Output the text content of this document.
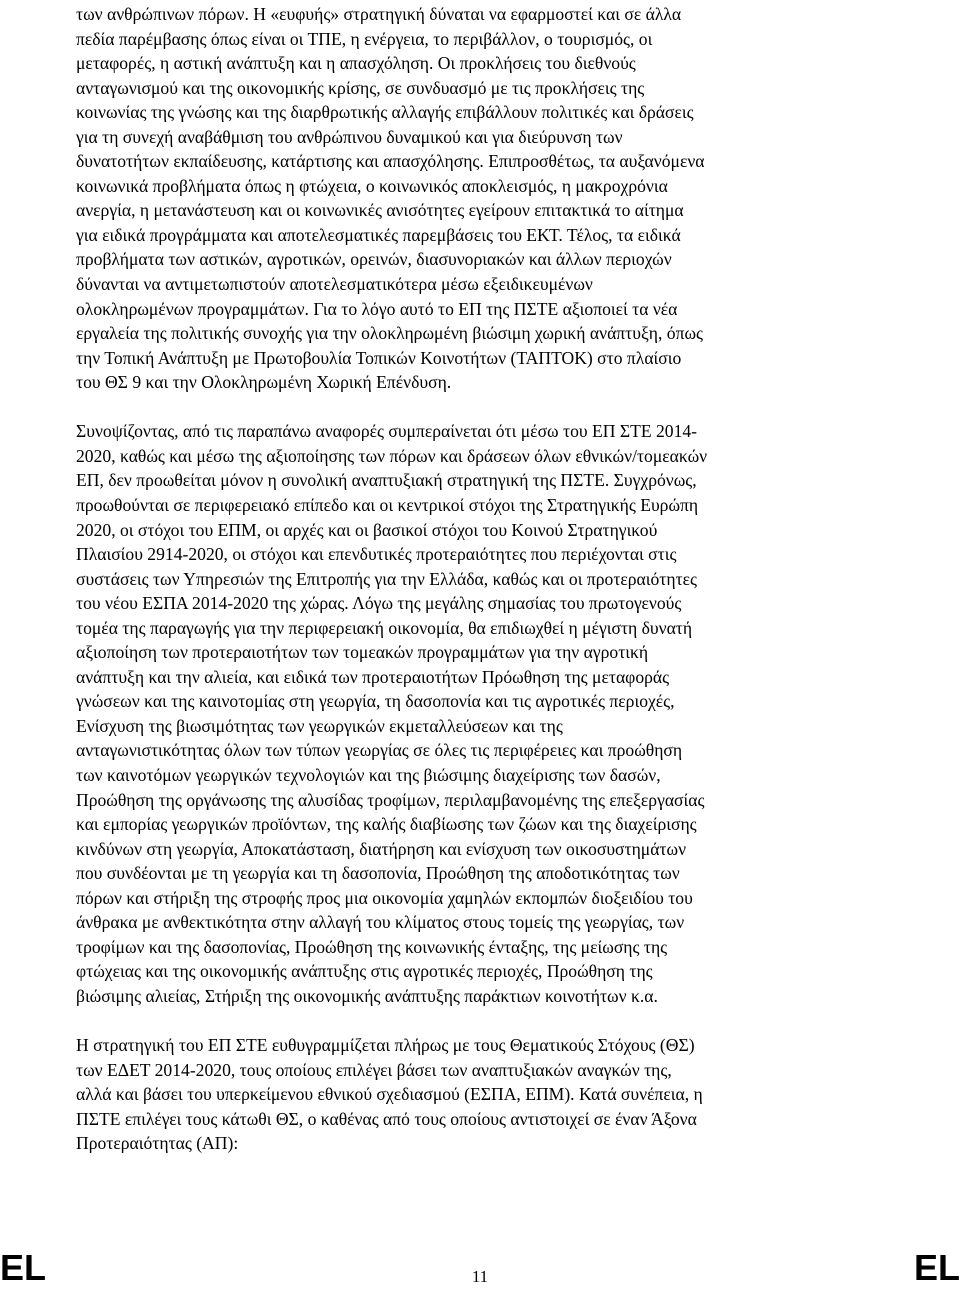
των ανθρώπινων πόρων. Η «ευφυής» στρατηγική δύναται να εφαρμοστεί και σε άλλα
πεδία παρέμβασης όπως είναι οι ΤΠΕ, η ενέργεια, το περιβάλλον, ο τουρισμός, οι
μεταφορές, η αστική ανάπτυξη και η απασχόληση. Οι προκλήσεις του διεθνούς
ανταγωνισμού και της οικονομικής κρίσης, σε συνδυασμό με τις προκλήσεις της
κοινωνίας της γνώσης και της διαρθρωτικής αλλαγής επιβάλλουν πολιτικές και δράσεις
για τη συνεχή αναβάθμιση του ανθρώπινου δυναμικού και για διεύρυνση των
δυνατοτήτων εκπαίδευσης, κατάρτισης και απασχόλησης. Επιπροσθέτως, τα αυξανόμενα
κοινωνικά προβλήματα όπως η φτώχεια, ο κοινωνικός αποκλεισμός, η μακροχρόνια
ανεργία, η μετανάστευση και οι κοινωνικές ανισότητες εγείρουν επιτακτικά το αίτημα
για ειδικά προγράμματα και αποτελεσματικές παρεμβάσεις του ΕΚΤ. Τέλος, τα ειδικά
προβλήματα των αστικών, αγροτικών, ορεινών, διασυνοριακών και άλλων περιοχών
δύνανται να αντιμετωπιστούν αποτελεσματικότερα μέσω εξειδικευμένων
ολοκληρωμένων προγραμμάτων. Για το λόγο αυτό το ΕΠ της ΠΣΤΕ αξιοποιεί τα νέα
εργαλεία της πολιτικής συνοχής για την ολοκληρωμένη βιώσιμη χωρική ανάπτυξη, όπως
την Τοπική Ανάπτυξη με Πρωτοβουλία Τοπικών Κοινοτήτων (ΤΑΠΤΟΚ) στο πλαίσιο
του ΘΣ 9 και την Ολοκληρωμένη Χωρική Επένδυση.
Συνοψίζοντας, από τις παραπάνω αναφορές συμπεραίνεται ότι μέσω του ΕΠ ΣΤΕ 2014-
2020, καθώς και μέσω της αξιοποίησης των πόρων και δράσεων όλων εθνικών/τομεακών
ΕΠ, δεν προωθείται μόνον η συνολική αναπτυξιακή στρατηγική της ΠΣΤΕ. Συγχρόνως,
προωθούνται σε περιφερειακό επίπεδο και οι κεντρικοί στόχοι της Στρατηγικής Ευρώπη
2020, οι στόχοι του ΕΠΜ, οι αρχές και οι βασικοί στόχοι του Κοινού Στρατηγικού
Πλαισίου 2914-2020, οι στόχοι και επενδυτικές προτεραιότητες που περιέχονται στις
συστάσεις των Υπηρεσιών της Επιτροπής για την Ελλάδα, καθώς και οι προτεραιότητες
του νέου ΕΣΠΑ 2014-2020 της χώρας. Λόγω της μεγάλης σημασίας του πρωτογενούς
τομέα της παραγωγής για την περιφερειακή οικονομία, θα επιδιωχθεί η μέγιστη δυνατή
αξιοποίηση των προτεραιοτήτων των τομεακών προγραμμάτων για την αγροτική
ανάπτυξη και την αλιεία, και ειδικά των προτεραιοτήτων Πρόωθηση της μεταφοράς
γνώσεων και της καινοτομίας στη γεωργία, τη δασοπονία και τις αγροτικές περιοχές,
Ενίσχυση της βιωσιμότητας των γεωργικών εκμεταλλεύσεων και της
ανταγωνιστικότητας όλων των τύπων γεωργίας σε όλες τις περιφέρειες και προώθηση
των καινοτόμων γεωργικών τεχνολογιών και της βιώσιμης διαχείρισης των δασών,
Προώθηση της οργάνωσης της αλυσίδας τροφίμων, περιλαμβανομένης της επεξεργασίας
και εμπορίας γεωργικών προϊόντων, της καλής διαβίωσης των ζώων και της διαχείρισης
κινδύνων στη γεωργία, Αποκατάσταση, διατήρηση και ενίσχυση των οικοσυστημάτων
που συνδέονται με τη γεωργία και τη δασοπονία, Προώθηση της αποδοτικότητας των
πόρων και στήριξη της στροφής προς μια οικονομία χαμηλών εκπομπών διοξειδίου του
άνθρακα με ανθεκτικότητα στην αλλαγή του κλίματος στους τομείς της γεωργίας, των
τροφίμων και της δασοπονίας, Προώθηση της κοινωνικής ένταξης, της μείωσης της
φτώχειας και της οικονομικής ανάπτυξης στις αγροτικές περιοχές, Προώθηση της
βιώσιμης αλιείας, Στήριξη της οικονομικής ανάπτυξης παράκτιων κοινοτήτων κ.α.
Η στρατηγική του ΕΠ ΣΤΕ ευθυγραμμίζεται πλήρως με τους Θεματικούς Στόχους (ΘΣ)
των ΕΔΕΤ 2014-2020, τους οποίους επιλέγει βάσει των αναπτυξιακών αναγκών της,
αλλά και βάσει του υπερκείμενου εθνικού σχεδιασμού (ΕΣΠΑ, ΕΠΜ). Κατά συνέπεια, η
ΠΣΤΕ επιλέγει τους κάτωθι ΘΣ, ο καθένας από τους οποίους αντιστοιχεί σε έναν Άξονα
Προτεραιότητας (ΑΠ):
EL	11	EL
